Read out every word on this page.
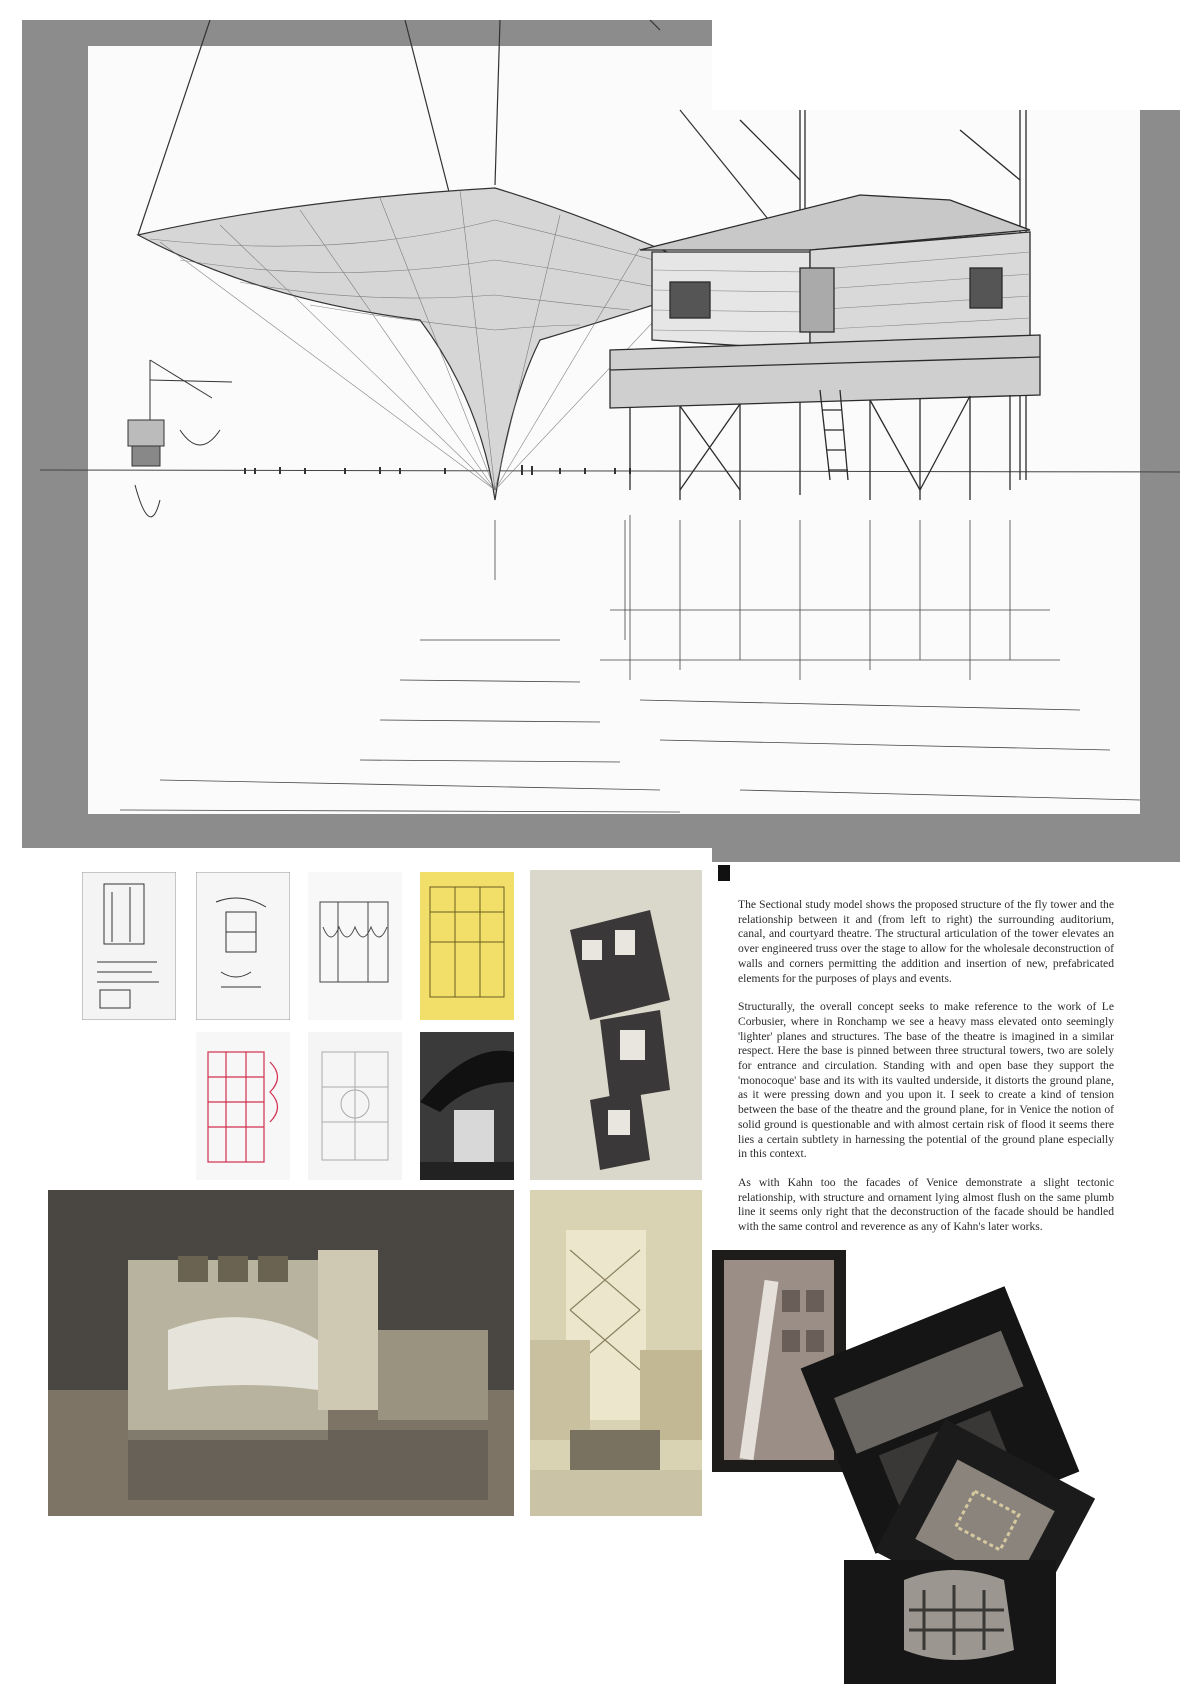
The Sectional study model shows the proposed structure of the fly tower and the relationship between it and (from left to right) the surrounding auditorium, canal, and courtyard theatre. The structural articulation of the tower elevates an over engineered truss over the stage to allow for the wholesale deconstruction of walls and corners permitting the addition and insertion of new, prefabricated elements for the purposes of plays and events.

Structurally, the overall concept seeks to make reference to the work of Le Corbusier, where in Ronchamp we see a heavy mass elevated onto seemingly 'lighter' planes and structures. The base of the theatre is imagined in a similar respect. Here the base is pinned between three structural towers, two are solely for entrance and circulation. Standing with and open base they support the 'monocoque' base and its with its vaulted underside, it distorts the ground plane, as it were pressing down and you upon it. I seek to create a kind of tension between the base of the theatre and the ground plane, for in Venice the notion of solid ground is questionable and with almost certain risk of flood it seems there lies a certain subtlety in harnessing the potential of the ground plane especially in this context.

As with Kahn too the facades of Venice demonstrate a slight tectonic relationship, with structure and ornament lying almost flush on the same plumb line it seems only right that the deconstruction of the facade should be handled with the same control and reverence as any of Kahn's later works.
